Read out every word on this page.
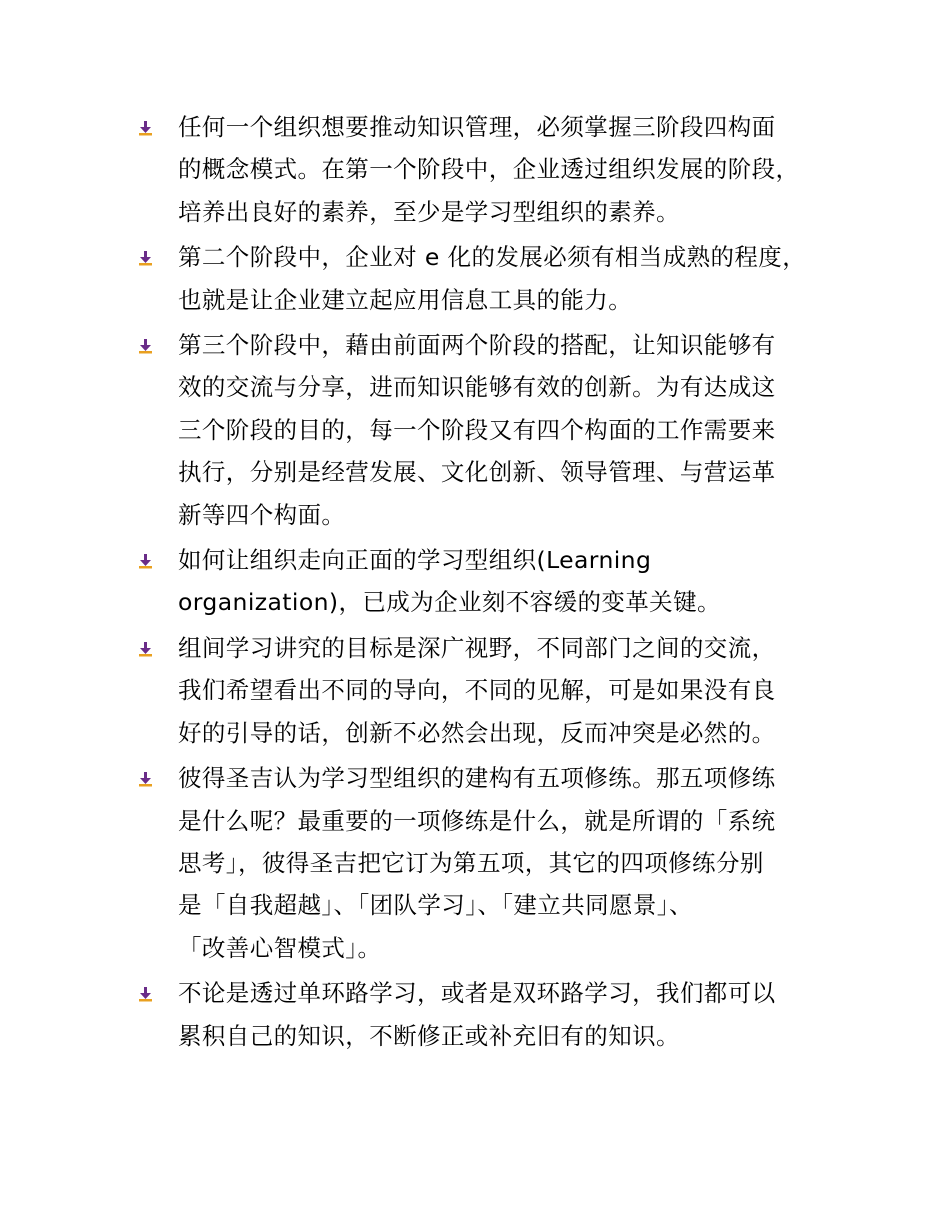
任何一个组织想要推动知识管理，必须掌握三阶段四构面
的概念模式。在第一个阶段中，企业透过组织发展的阶段，
培养出良好的素养，至少是学习型组织的素养。
第二个阶段中，企业对 e 化的发展必须有相当成熟的程度，
也就是让企业建立起应用信息工具的能力。
第三个阶段中，藉由前面两个阶段的搭配，让知识能够有
效的交流与分享，进而知识能够有效的创新。为有达成这
三个阶段的目的，每一个阶段又有四个构面的工作需要来
执行，分别是经营发展、文化创新、领导管理、与营运革
新等四个构面。
如何让组织走向正面的学习型组织(Learning
organization)，已成为企业刻不容缓的变革关键。
组间学习讲究的目标是深广视野，不同部门之间的交流，
我们希望看出不同的导向，不同的见解，可是如果没有良
好的引导的话，创新不必然会出现，反而冲突是必然的。
彼得圣吉认为学习型组织的建构有五项修练。那五项修练
是什么呢？最重要的一项修练是什么，就是所谓的「系统
思考」，彼得圣吉把它订为第五项，其它的四项修练分别
是「自我超越」、「团队学习」、「建立共同愿景」、
「改善心智模式」。
不论是透过单环路学习，或者是双环路学习，我们都可以
累积自己的知识，不断修正或补充旧有的知识。
